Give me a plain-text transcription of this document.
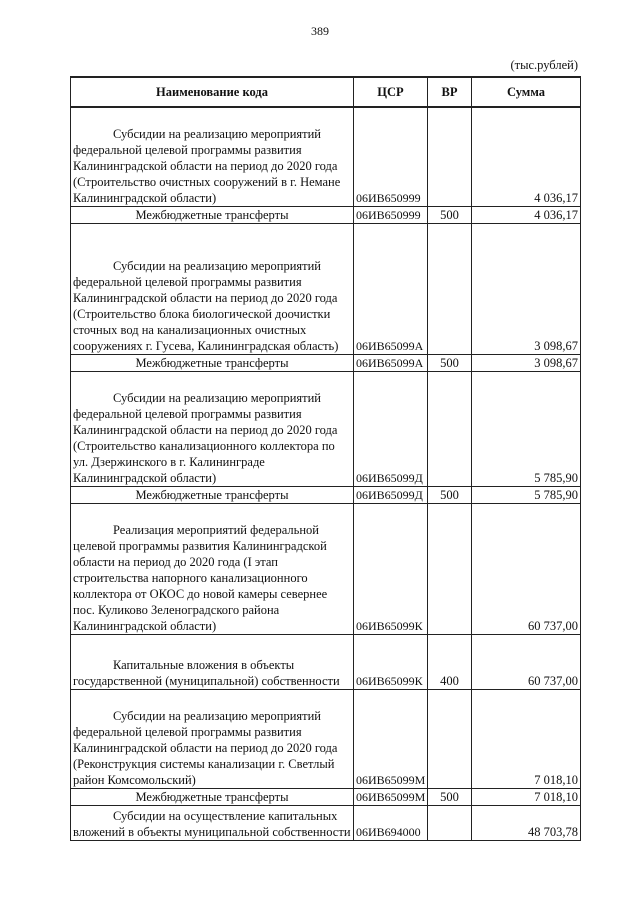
389
(тыс.рублей)
Наименование кода	ЦСР	ВР	Сумма

Субсидии на реализацию мероприятий федеральной целевой программы развития Калининградской области на период до 2020 года (Строительство очистных сооружений в г. Немане Калининградской области)	06ИВ650999		4 036,17
Межбюджетные трансферты	06ИВ650999	500	4 036,17

Субсидии на реализацию мероприятий федеральной целевой программы развития Калининградской области на период до 2020 года (Строительство блока биологической доочистки сточных вод на канализационных очистных сооружениях г. Гусева, Калининградская область)	06ИВ65099А		3 098,67
Межбюджетные трансферты	06ИВ65099А	500	3 098,67

Субсидии на реализацию мероприятий федеральной целевой программы развития Калининградской области на период до 2020 года (Строительство канализационного коллектора по ул. Дзержинского в г. Калининграде Калининградской области)	06ИВ65099Д		5 785,90
Межбюджетные трансферты	06ИВ65099Д	500	5 785,90

Реализация мероприятий федеральной целевой программы развития Калининградской области на период до 2020 года (I этап строительства напорного канализационного коллектора от ОКОС до новой камеры севернее пос. Куликово Зеленоградского района Калининградской области)	06ИВ65099К		60 737,00

Капитальные вложения в объекты государственной (муниципальной) собственности	06ИВ65099К	400	60 737,00

Субсидии на реализацию мероприятий федеральной целевой программы развития Калининградской области на период до 2020 года (Реконструкция системы канализации г. Светлый район Комсомольский)	06ИВ65099М		7 018,10
Межбюджетные трансферты	06ИВ65099М	500	7 018,10

Субсидии на осуществление капитальных вложений в объекты муниципальной собственности	06ИВ694000		48 703,78
